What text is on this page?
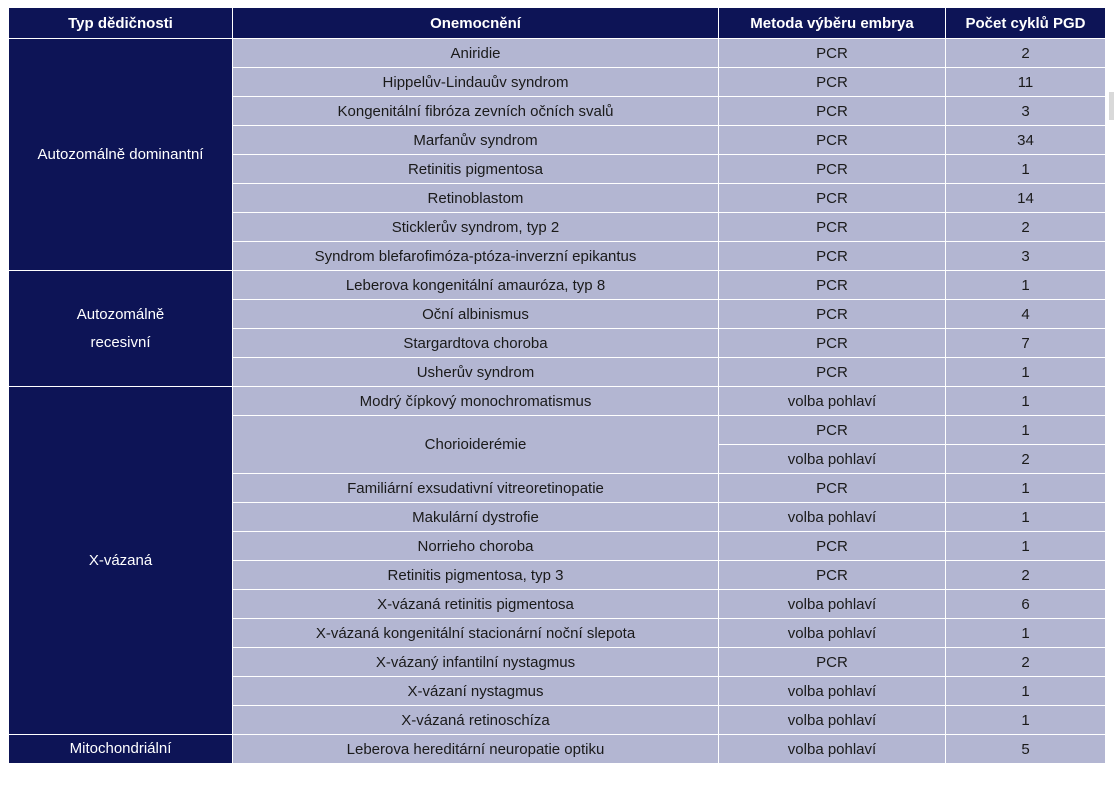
Typ dědičnosti	Onemocnění	Metoda výběru embrya	Počet cyklů PGD

Autozomálně dominantní	Aniridie	PCR	2
	Hippelův-Lindauův syndrom	PCR	11
	Kongenitální fibróza zevních očních svalů	PCR	3
	Marfanův syndrom	PCR	34
	Retinitis pigmentosa	PCR	1
	Retinoblastom	PCR	14
	Sticklerův syndrom, typ 2	PCR	2
	Syndrom blefarofimóza-ptóza-inverzní epikantus	PCR	3

Autozomálně
recesivní	Leberova kongenitální amauróza, typ 8	PCR	1
	Oční albinismus	PCR	4
	Stargardtova choroba	PCR	7
	Usherův syndrom	PCR	1

X-vázaná	Modrý čípkový monochromatismus	volba pohlaví	1
	Chorioiderémie	PCR	1
		volba pohlaví	2
	Familiární exsudativní vitreoretinopatie	PCR	1
	Makulární dystrofie	volba pohlaví	1
	Norrieho choroba	PCR	1
	Retinitis pigmentosa, typ 3	PCR	2
	X-vázaná retinitis pigmentosa	volba pohlaví	6
	X-vázaná kongenitální stacionární noční slepota	volba pohlaví	1
	X-vázaný infantilní nystagmus	PCR	2
	X-vázaní nystagmus	volba pohlaví	1
	X-vázaná retinoschíza	volba pohlaví	1

Mitochondriální	Leberova hereditární neuropatie optiku	volba pohlaví	5
